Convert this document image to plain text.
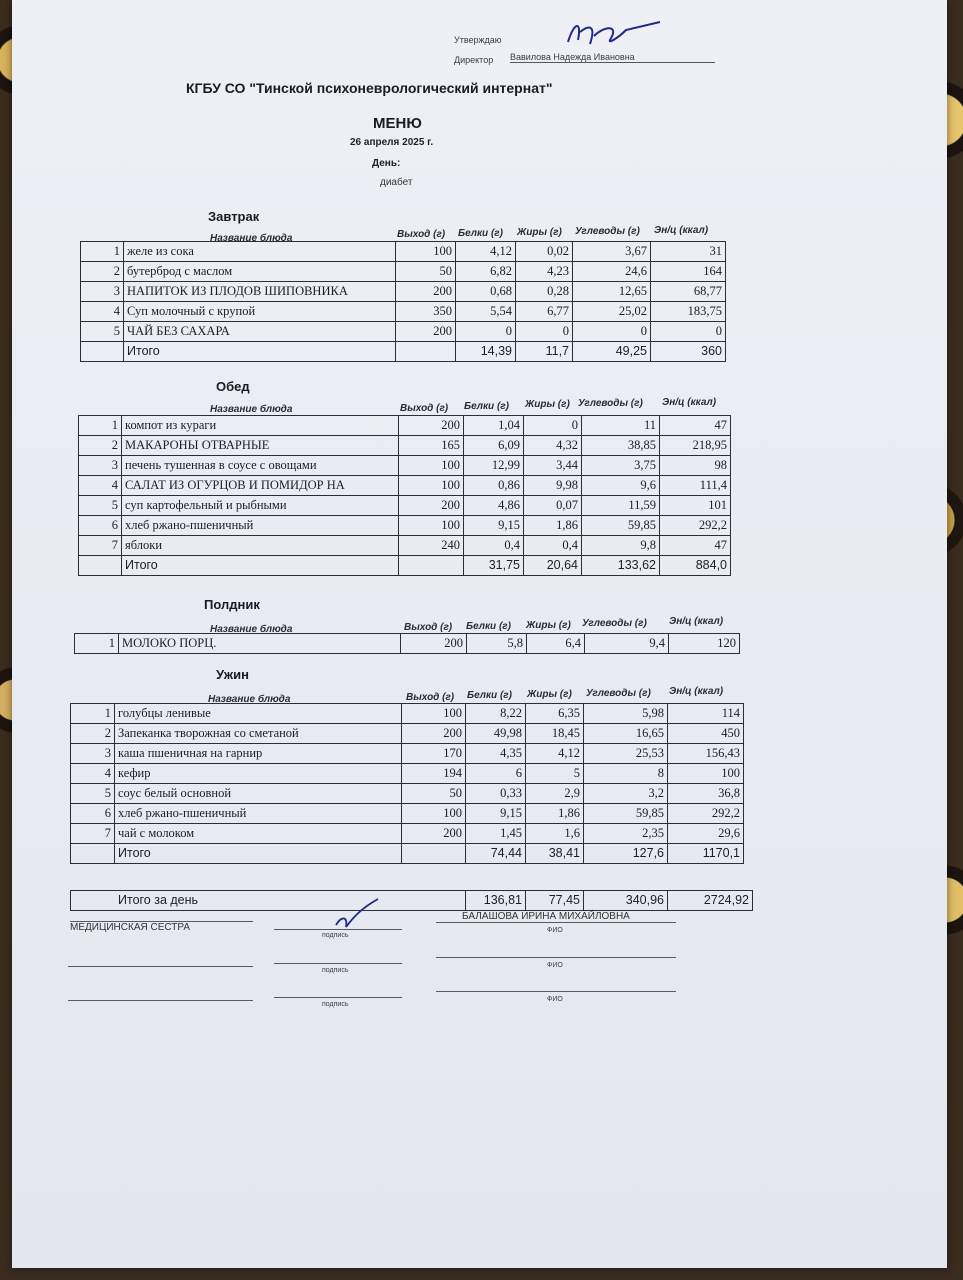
Утверждаю
Директор Вавилова Надежда Ивановна
КГБУ СО "Тинской психоневрологический интернат"
МЕНЮ
26 апреля 2025 г.
День:
диабет
Завтрак
Название блюда	Выход (г) Белки (г) Жиры (г) Углеводы (г) Эн/ц (ккал)
1	желе из сока	100	4,12	0,02	3,67	31
2	бутерброд с маслом	50	6,82	4,23	24,6	164
3	НАПИТОК ИЗ ПЛОДОВ ШИПОВНИКА	200	0,68	0,28	12,65	68,77
4	Суп молочный с крупой	350	5,54	6,77	25,02	183,75
5	ЧАЙ БЕЗ САХАРА	200	0	0	0	0
	Итого		14,39	11,7	49,25	360
Обед
Название блюда	Выход (г) Белки (г) Жиры (г) Углеводы (г) Эн/ц (ккал)
1	компот из кураги	200	1,04	0	11	47
2	МАКАРОНЫ ОТВАРНЫЕ	165	6,09	4,32	38,85	218,95
3	печень тушенная в соусе с овощами	100	12,99	3,44	3,75	98
4	САЛАТ ИЗ ОГУРЦОВ И ПОМИДОР НА	100	0,86	9,98	9,6	111,4
5	суп картофельный и рыбными	200	4,86	0,07	11,59	101
6	хлеб ржано-пшеничный	100	9,15	1,86	59,85	292,2
7	яблоки	240	0,4	0,4	9,8	47
	Итого		31,75	20,64	133,62	884,0
Полдник
Название блюда	Выход (г) Белки (г) Жиры (г) Углеводы (г) Эн/ц (ккал)
1	МОЛОКО ПОРЦ.	200	5,8	6,4	9,4	120
Ужин
Название блюда	Выход (г) Белки (г) Жиры (г) Углеводы (г) Эн/ц (ккал)
1	голубцы ленивые	100	8,22	6,35	5,98	114
2	Запеканка творожная со сметаной	200	49,98	18,45	16,65	450
3	каша пшеничная на гарнир	170	4,35	4,12	25,53	156,43
4	кефир	194	6	5	8	100
5	соус белый основной	50	0,33	2,9	3,2	36,8
6	хлеб ржано-пшеничный	100	9,15	1,86	59,85	292,2
7	чай с молоком	200	1,45	1,6	2,35	29,6
	Итого		74,44	38,41	127,6	1170,1
Итого за день	136,81	77,45	340,96	2724,92
МЕДИЦИНСКАЯ СЕСТРА
подпись
БАЛАШОВА ИРИНА МИХАЙЛОВНА
ФИО
подпись
ФИО
подпись
ФИО
